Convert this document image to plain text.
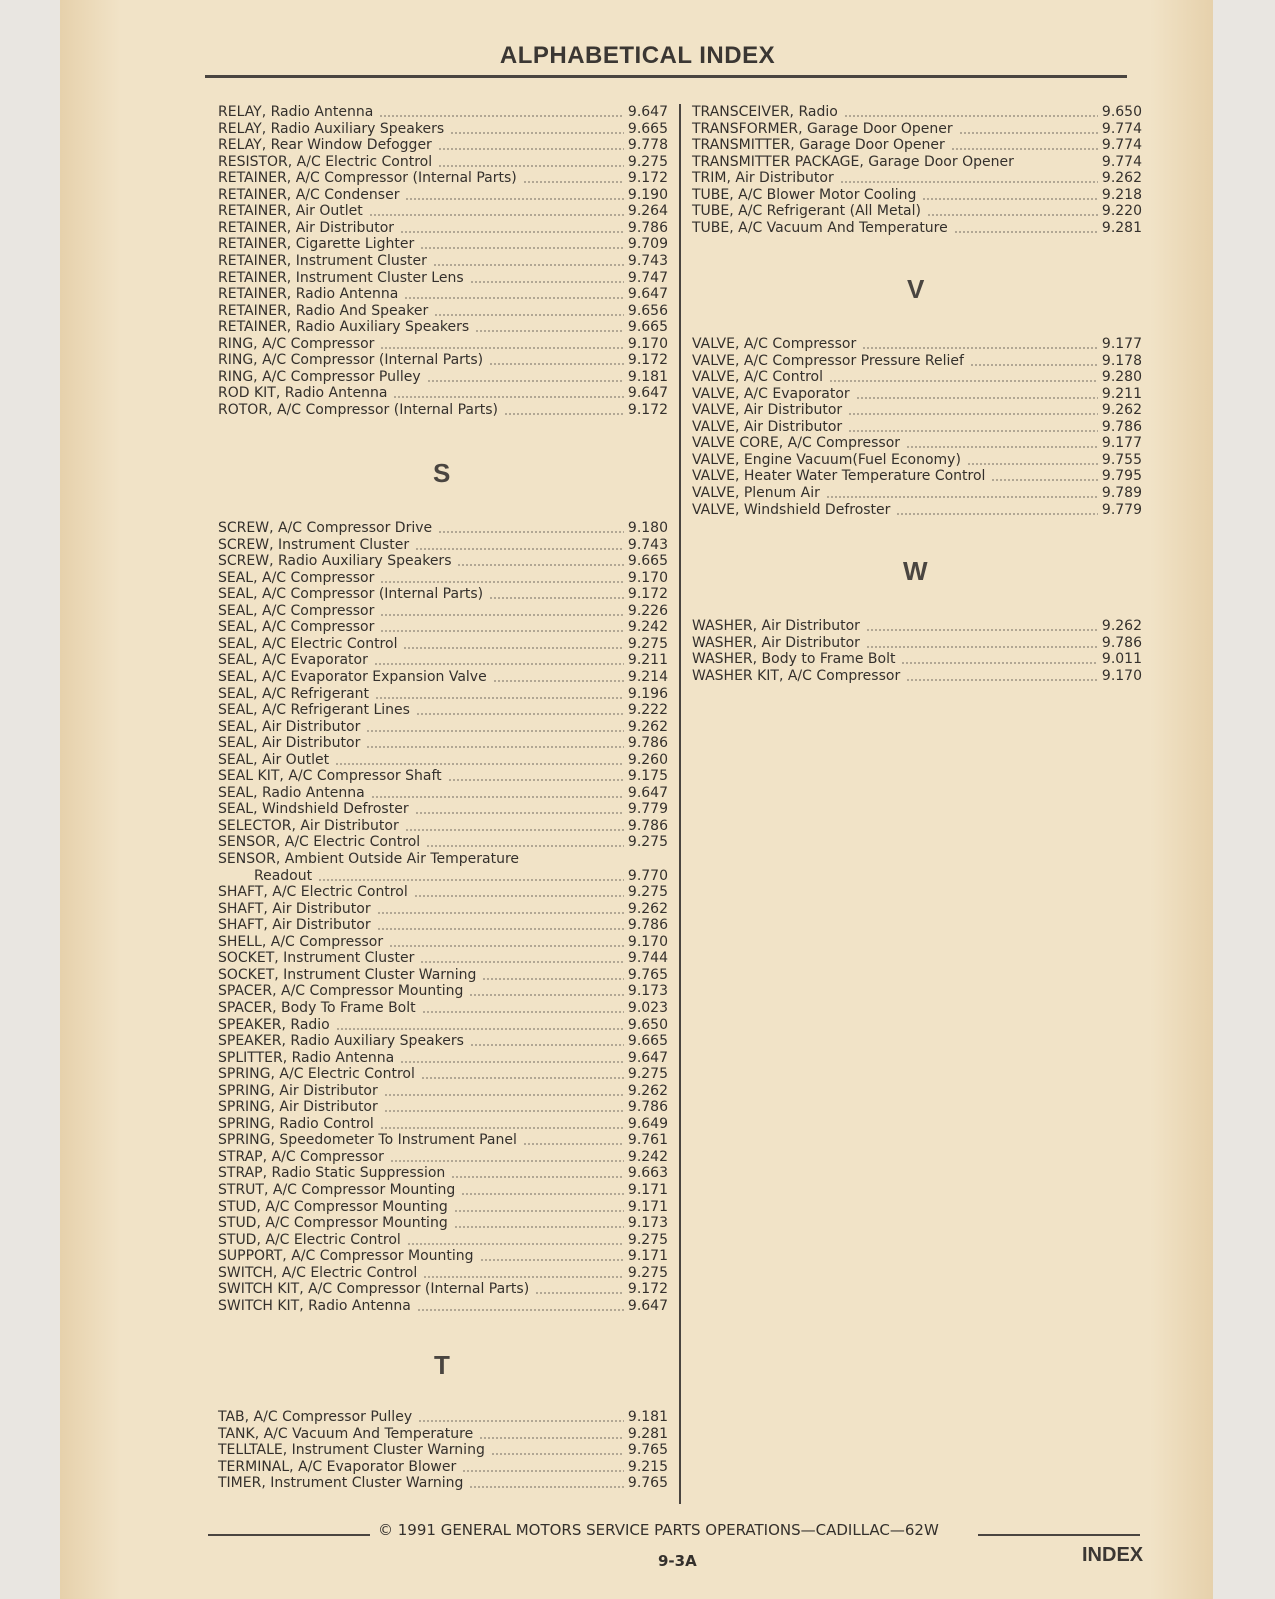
ALPHABETICAL INDEX
RELAY, Radio Antenna	9.647
RELAY, Radio Auxiliary Speakers	9.665
RELAY, Rear Window Defogger	9.778
RESISTOR, A/C Electric Control	9.275
RETAINER, A/C Compressor (Internal Parts)	9.172
RETAINER, A/C Condenser	9.190
RETAINER, Air Outlet	9.264
RETAINER, Air Distributor	9.786
RETAINER, Cigarette Lighter	9.709
RETAINER, Instrument Cluster	9.743
RETAINER, Instrument Cluster Lens	9.747
RETAINER, Radio Antenna	9.647
RETAINER, Radio And Speaker	9.656
RETAINER, Radio Auxiliary Speakers	9.665
RING, A/C Compressor	9.170
RING, A/C Compressor (Internal Parts)	9.172
RING, A/C Compressor Pulley	9.181
ROD KIT, Radio Antenna	9.647
ROTOR, A/C Compressor (Internal Parts)	9.172
SCREW, A/C Compressor Drive	9.180
SCREW, Instrument Cluster	9.743
SCREW, Radio Auxiliary Speakers	9.665
SEAL, A/C Compressor	9.170
SEAL, A/C Compressor (Internal Parts)	9.172
SEAL, A/C Compressor	9.226
SEAL, A/C Compressor	9.242
SEAL, A/C Electric Control	9.275
SEAL, A/C Evaporator	9.211
SEAL, A/C Evaporator Expansion Valve	9.214
SEAL, A/C Refrigerant	9.196
SEAL, A/C Refrigerant Lines	9.222
SEAL, Air Distributor	9.262
SEAL, Air Distributor	9.786
SEAL, Air Outlet	9.260
SEAL KIT, A/C Compressor Shaft	9.175
SEAL, Radio Antenna	9.647
SEAL, Windshield Defroster	9.779
SELECTOR, Air Distributor	9.786
SENSOR, A/C Electric Control	9.275
SENSOR, Ambient Outside Air Temperature
Readout	9.770
SHAFT, A/C Electric Control	9.275
SHAFT, Air Distributor	9.262
SHAFT, Air Distributor	9.786
SHELL, A/C Compressor	9.170
SOCKET, Instrument Cluster	9.744
SOCKET, Instrument Cluster Warning	9.765
SPACER, A/C Compressor Mounting	9.173
SPACER, Body To Frame Bolt	9.023
SPEAKER, Radio	9.650
SPEAKER, Radio Auxiliary Speakers	9.665
SPLITTER, Radio Antenna	9.647
SPRING, A/C Electric Control	9.275
SPRING, Air Distributor	9.262
SPRING, Air Distributor	9.786
SPRING, Radio Control	9.649
SPRING, Speedometer To Instrument Panel	9.761
STRAP, A/C Compressor	9.242
STRAP, Radio Static Suppression	9.663
STRUT, A/C Compressor Mounting	9.171
STUD, A/C Compressor Mounting	9.171
STUD, A/C Compressor Mounting	9.173
STUD, A/C Electric Control	9.275
SUPPORT, A/C Compressor Mounting	9.171
SWITCH, A/C Electric Control	9.275
SWITCH KIT, A/C Compressor (Internal Parts)	9.172
SWITCH KIT, Radio Antenna	9.647
TAB, A/C Compressor Pulley	9.181
TANK, A/C Vacuum And Temperature	9.281
TELLTALE, Instrument Cluster Warning	9.765
TERMINAL, A/C Evaporator Blower	9.215
TIMER, Instrument Cluster Warning	9.765
TRANSCEIVER, Radio	9.650
TRANSFORMER, Garage Door Opener	9.774
TRANSMITTER, Garage Door Opener	9.774
TRANSMITTER PACKAGE, Garage Door Opener	9.774
TRIM, Air Distributor	9.262
TUBE, A/C Blower Motor Cooling	9.218
TUBE, A/C Refrigerant (All Metal)	9.220
TUBE, A/C Vacuum And Temperature	9.281
VALVE, A/C Compressor	9.177
VALVE, A/C Compressor Pressure Relief	9.178
VALVE, A/C Control	9.280
VALVE, A/C Evaporator	9.211
VALVE, Air Distributor	9.262
VALVE, Air Distributor	9.786
VALVE CORE, A/C Compressor	9.177
VALVE, Engine Vacuum(Fuel Economy)	9.755
VALVE, Heater Water Temperature Control	9.795
VALVE, Plenum Air	9.789
VALVE, Windshield Defroster	9.779
WASHER, Air Distributor	9.262
WASHER, Air Distributor	9.786
WASHER, Body to Frame Bolt	9.011
WASHER KIT, A/C Compressor	9.170
S
T
V
W
© 1991 GENERAL MOTORS SERVICE PARTS OPERATIONS—CADILLAC—62W
9-3A	INDEX
